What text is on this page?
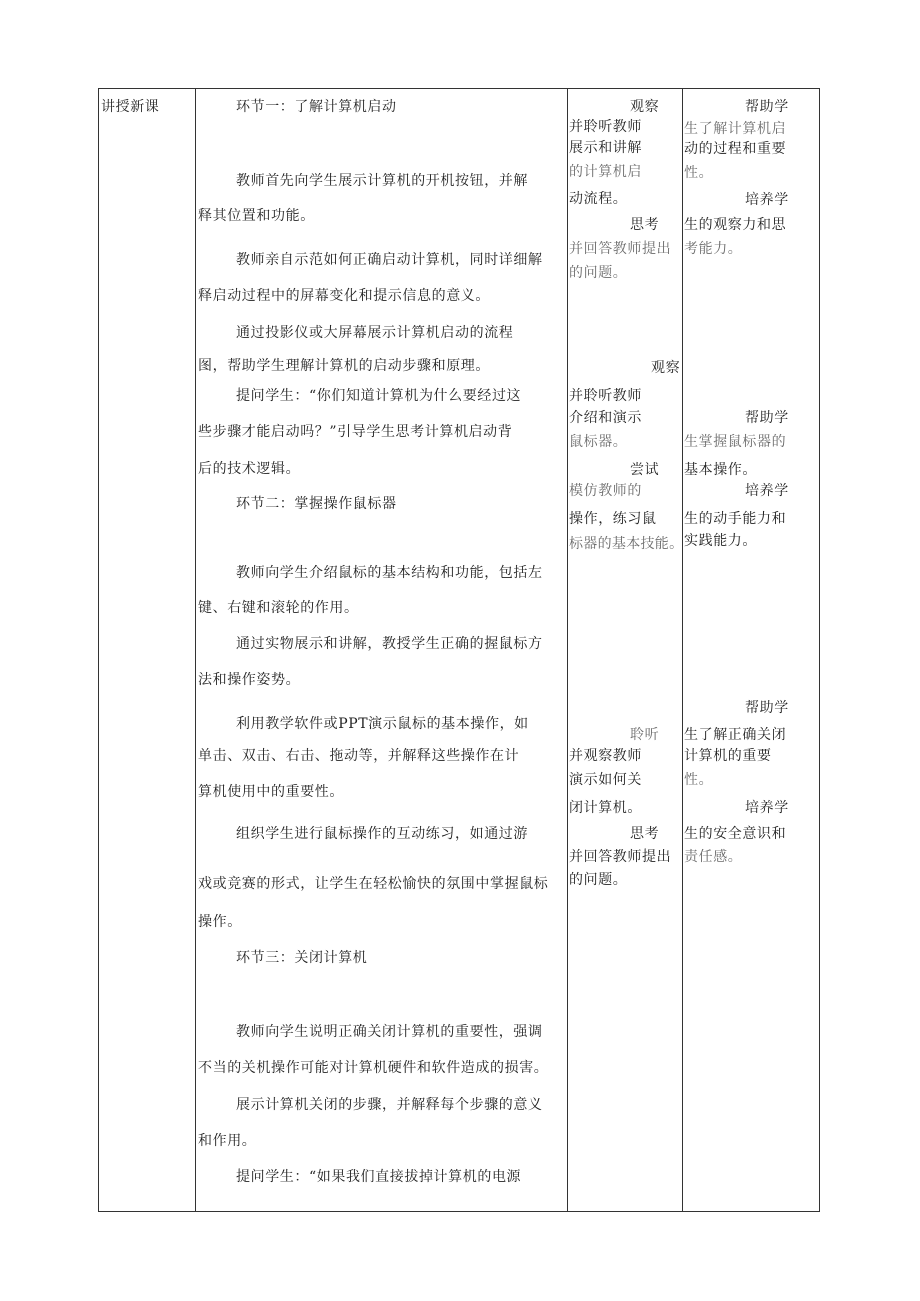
讲授新课	环节一：了解计算机启动

教师首先向学生展示计算机的开机按钮，并解

释其位置和功能。

教师亲自示范如何正确启动计算机，同时详细解

释启动过程中的屏幕变化和提示信息的意义。

通过投影仪或大屏幕展示计算机启动的流程

图，帮助学生理解计算机的启动步骤和原理。

提问学生：“你们知道计算机为什么要经过这

些步骤才能启动吗？”引导学生思考计算机启动背

后的技术逻辑。

环节二：掌握操作鼠标器

教师向学生介绍鼠标的基本结构和功能，包括左

键、右键和滚轮的作用。

通过实物展示和讲解，教授学生正确的握鼠标方

法和操作姿势。

利用教学软件或PPT演示鼠标的基本操作，如

单击、双击、右击、拖动等，并解释这些操作在计

算机使用中的重要性。

组织学生进行鼠标操作的互动练习，如通过游

戏或竞赛的形式，让学生在轻松愉快的氛围中掌握鼠标

操作。

环节三：关闭计算机

教师向学生说明正确关闭计算机的重要性，强调

不当的关机操作可能对计算机硬件和软件造成的损害。

展示计算机关闭的步骤，并解释每个步骤的意义

和作用。

提问学生：“如果我们直接拔掉计算机的电源

观察

并聆听教师

展示和讲解

的计算机启

动流程。

思考

并回答教师提出

的问题。

观察

并聆听教师

介绍和演示

鼠标器。

尝试

模仿教师的

操作，练习鼠

标器的基本技能。

聆听

并观察教师

演示如何关

闭计算机。

思考

并回答教师提出

的问题。

帮助学

生了解计算机启

动的过程和重要

性。

培养学

生的观察力和思

考能力。

帮助学

生掌握鼠标器的

基本操作。

培养学

生的动手能力和

实践能力。

帮助学

生了解正确关闭

计算机的重要

性。

培养学

生的安全意识和

责任感。
